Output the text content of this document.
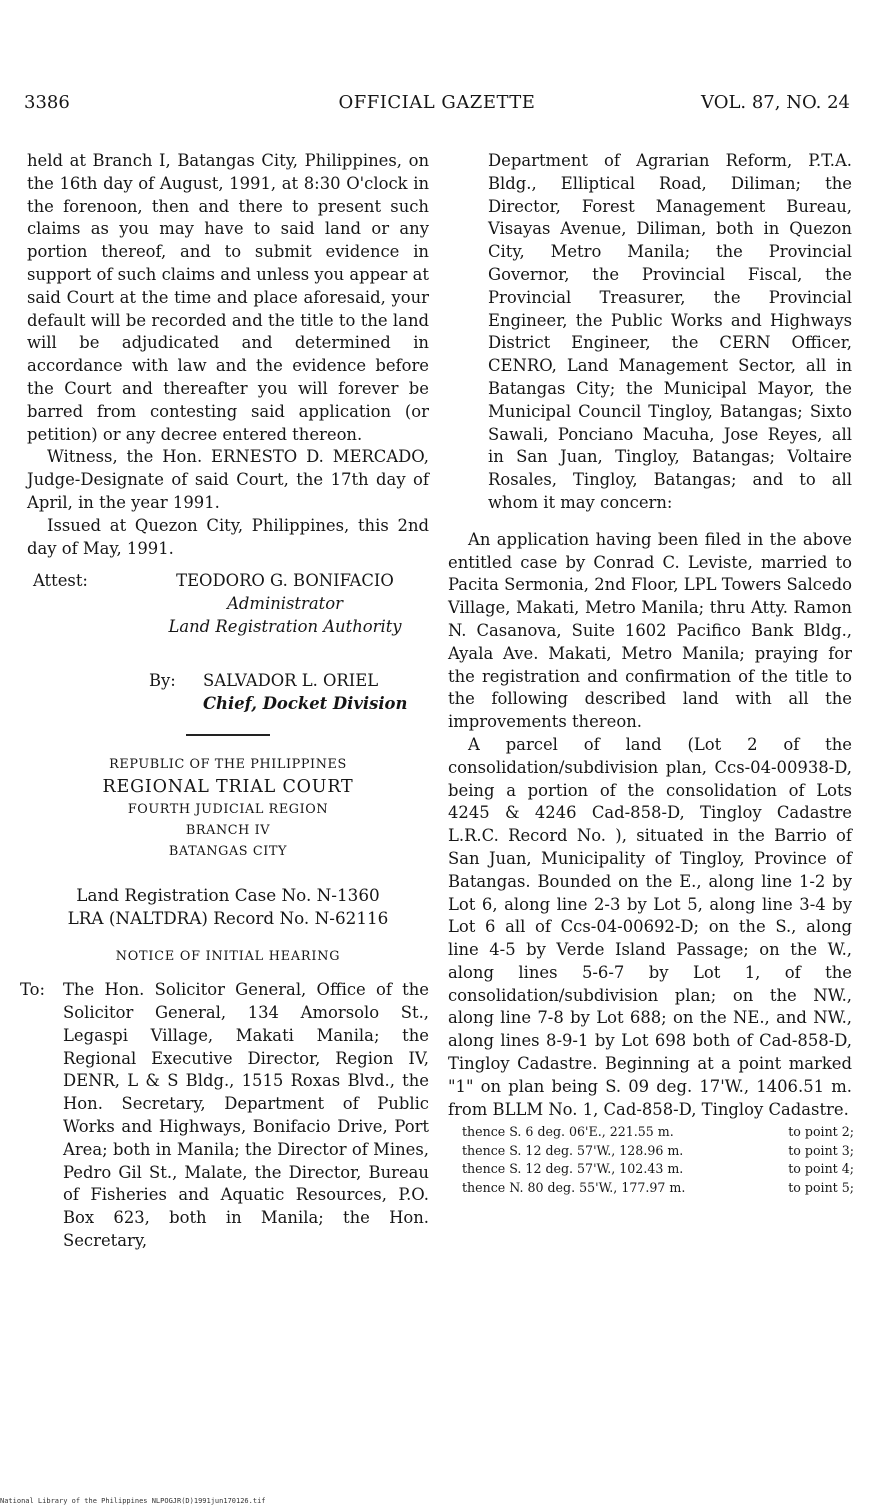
3386	OFFICIAL GAZETTE	VOL. 87, NO. 24

held at Branch I, Batangas City, Philippines, on the 16th day of August, 1991, at 8:30 O'clock in the forenoon, then and there to present such claims as you may have to said land or any portion thereof, and to submit evidence in support of such claims and unless you appear at said Court at the time and place aforesaid, your default will be recorded and the title to the land will be adjudicated and determined in accordance with law and the evidence before the Court and thereafter you will forever be barred from contesting said application (or petition) or any decree entered thereon.

Witness, the Hon. ERNESTO D. MERCADO, Judge-Designate of said Court, the 17th day of April, in the year 1991.

Issued at Quezon City, Philippines, this 2nd day of May, 1991.

Attest:	TEODORO G. BONIFACIO
Administrator
Land Registration Authority
By: SALVADOR L. ORIEL
Chief, Docket Division
REPUBLIC OF THE PHILIPPINES
REGIONAL TRIAL COURT
FOURTH JUDICIAL REGION
BRANCH IV
BATANGAS CITY
Land Registration Case No. N-1360
LRA (NALTDRA) Record No. N-62116
NOTICE OF INITIAL HEARING
To: The Hon. Solicitor General, Office of the Solicitor General, 134 Amorsolo St., Legaspi Village, Makati Manila; the Regional Executive Director, Region IV, DENR, L & S Bldg., 1515 Roxas Blvd., the Hon. Secretary, Department of Public Works and Highways, Bonifacio Drive, Port Area; both in Manila; the Director of Mines, Pedro Gil St., Malate, the Director, Bureau of Fisheries and Aquatic Resources, P.O. Box 623, both in Manila; the Hon. Secretary,
Department of Agrarian Reform, P.T.A. Bldg., Elliptical Road, Diliman; the Director, Forest Management Bureau, Visayas Avenue, Diliman, both in Quezon City, Metro Manila; the Provincial Governor, the Provincial Fiscal, the Provincial Treasurer, the Provincial Engineer, the Public Works and Highways District Engineer, the CERN Officer, CENRO, Land Management Sector, all in Batangas City; the Municipal Mayor, the Municipal Council Tingloy, Batangas; Sixto Sawali, Ponciano Macuha, Jose Reyes, all in San Juan, Tingloy, Batangas; Voltaire Rosales, Tingloy, Batangas; and to all whom it may concern:

An application having been filed in the above entitled case by Conrad C. Leviste, married to Pacita Sermonia, 2nd Floor, LPL Towers Salcedo Village, Makati, Metro Manila; thru Atty. Ramon N. Casanova, Suite 1602 Pacifico Bank Bldg., Ayala Ave. Makati, Metro Manila; praying for the registration and confirmation of the title to the following described land with all the improvements thereon.

A parcel of land (Lot 2 of the consolidation/subdivision plan, Ccs-04-00938-D, being a portion of the consolidation of Lots 4245 & 4246 Cad-858-D, Tingloy Cadastre L.R.C. Record No. ), situated in the Barrio of San Juan, Municipality of Tingloy, Province of Batangas. Bounded on the E., along line 1-2 by Lot 6, along line 2-3 by Lot 5, along line 3-4 by Lot 6 all of Ccs-04-00692-D; on the S., along line 4-5 by Verde Island Passage; on the W., along lines 5-6-7 by Lot 1, of the consolidation/subdivision plan; on the NW., along line 7-8 by Lot 688; on the NE., and NW., along lines 8-9-1 by Lot 698 both of Cad-858-D, Tingloy Cadastre. Beginning at a point marked "1" on plan being S. 09 deg. 17'W., 1406.51 m. from BLLM No. 1, Cad-858-D, Tingloy Cadastre.

thence S. 6 deg. 06'E., 221.55 m.	to point 2;
thence S. 12 deg. 57'W., 128.96 m.	to point 3;
thence S. 12 deg. 57'W., 102.43 m.	to point 4;
thence N. 80 deg. 55'W., 177.97 m.	to point 5;
National Library of the Philippines NLPOGJR(D)1991jun170126.tif
